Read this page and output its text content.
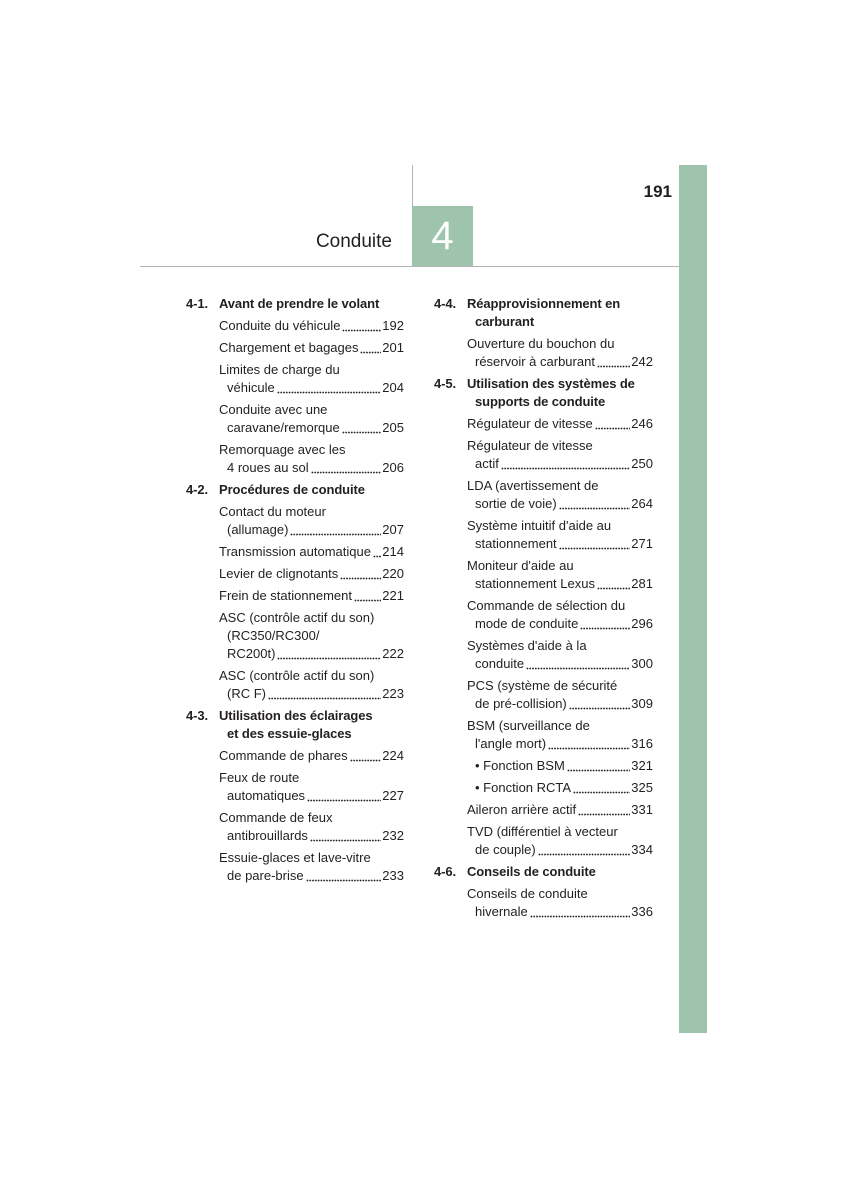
191
Conduite 4
4-1. Avant de prendre le volant
Conduite du véhicule	192
Chargement et bagages 201
Limites de charge du
véhicule	204
Conduite avec une
caravane/remorque	205
Remorquage avec les
4 roues au sol	206
4-2. Procédures de conduite
Contact du moteur
(allumage)	207
Transmission automatique 214
Levier de clignotants	220
Frein de stationnement 221
ASC (contrôle actif du son)
(RC350/RC300/
RC200t)	222
ASC (contrôle actif du son)
(RC F)	223
4-3. Utilisation des éclairages
et des essuie-glaces
Commande de phares	224
Feux de route
automatiques	227
Commande de feux
antibrouillards	232
Essuie-glaces et lave-vitre
de pare-brise	233
4-4. Réapprovisionnement en
carburant
Ouverture du bouchon du
réservoir à carburant	242
4-5. Utilisation des systèmes de
supports de conduite
Régulateur de vitesse	246
Régulateur de vitesse
actif	250
LDA (avertissement de
sortie de voie)	264
Système intuitif d'aide au
stationnement	271
Moniteur d'aide au
stationnement Lexus	281
Commande de sélection du
mode de conduite	296
Systèmes d'aide à la
conduite	300
PCS (système de sécurité
de pré-collision)	309
BSM (surveillance de
l'angle mort)	316
• Fonction BSM	321
• Fonction RCTA	325
Aileron arrière actif	331
TVD (différentiel à vecteur
de couple)	334
4-6. Conseils de conduite
Conseils de conduite
hivernale	336
